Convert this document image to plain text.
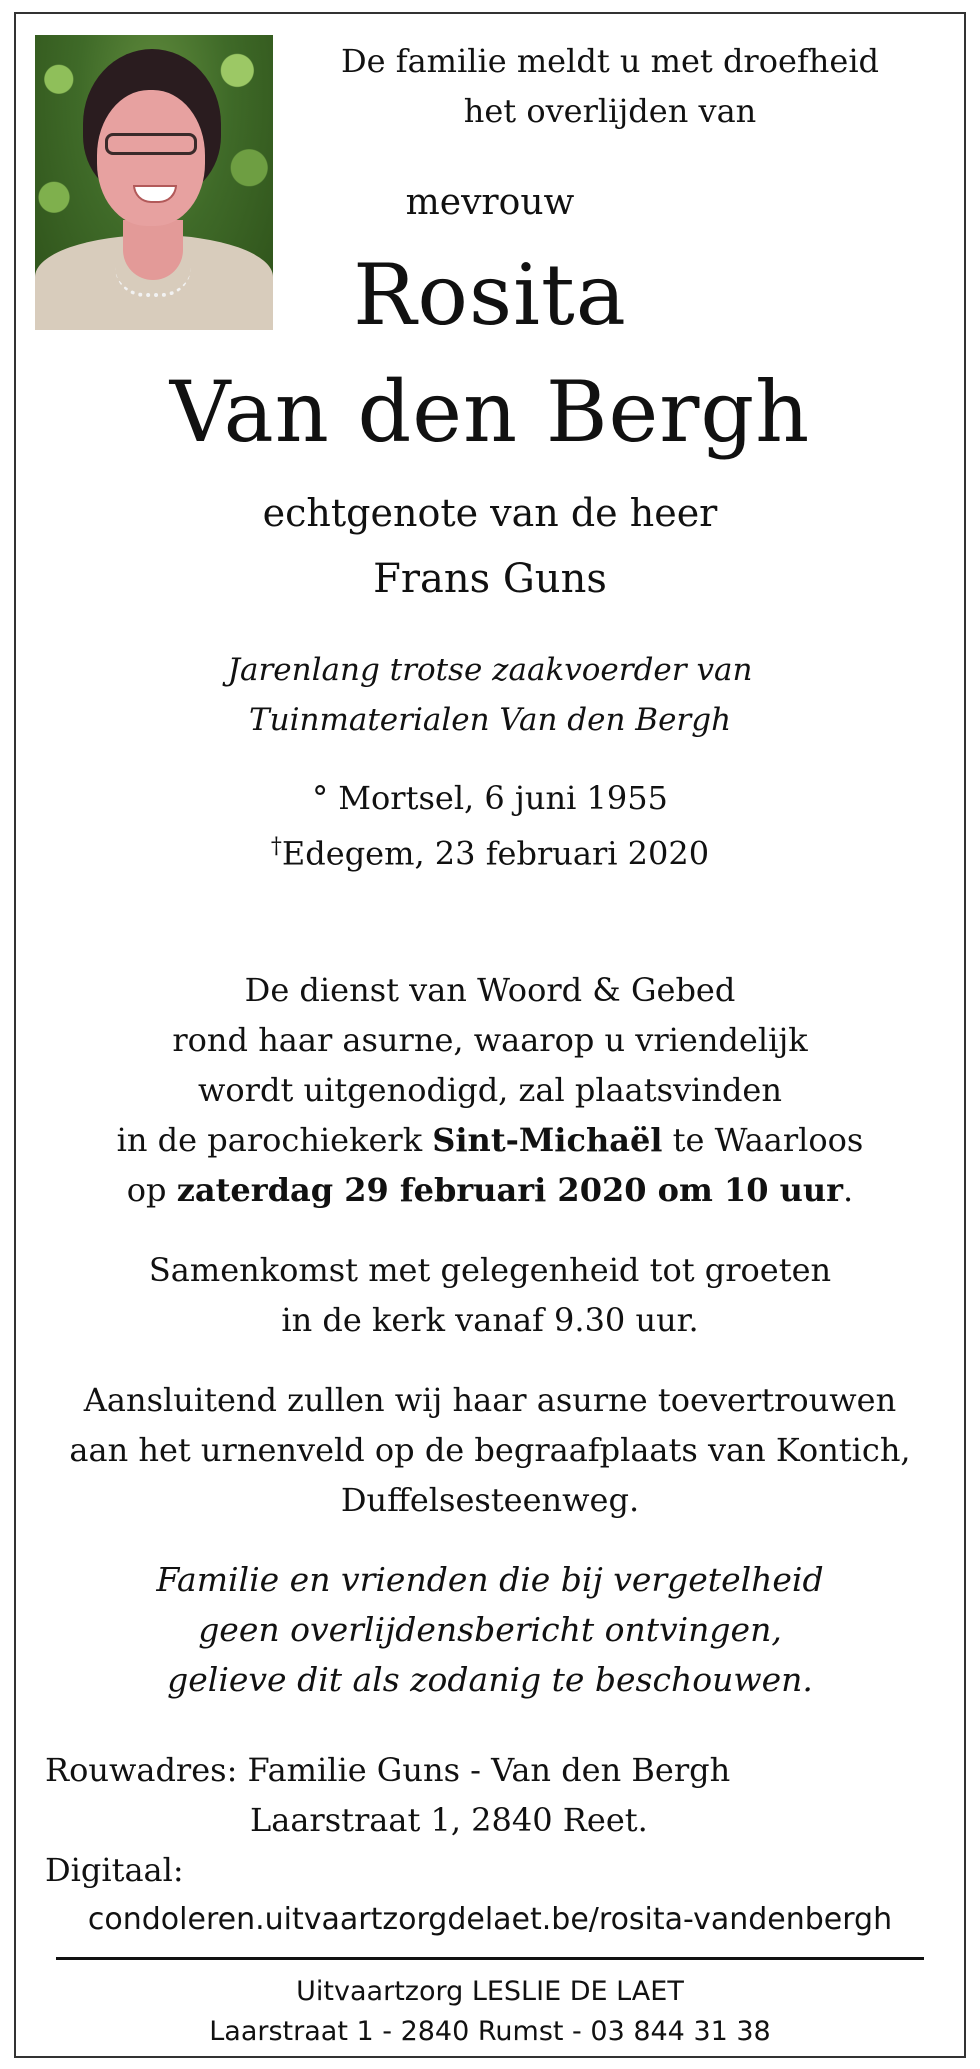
De familie meldt u met droefheid

het overlijden van

mevrouw

Rosita

Van den Bergh

echtgenote van de heer

Frans Guns

Jarenlang trotse zaakvoerder van

Tuinmaterialen Van den Bergh

° Mortsel, 6 juni 1955

†Edegem, 23 februari 2020

De dienst van Woord & Gebed

rond haar asurne, waarop u vriendelijk

wordt uitgenodigd, zal plaatsvinden

in de parochiekerk Sint-Michaël te Waarloos

op zaterdag 29 februari 2020 om 10 uur.

Samenkomst met gelegenheid tot groeten

in de kerk vanaf 9.30 uur.

Aansluitend zullen wij haar asurne toevertrouwen

aan het urnenveld op de begraafplaats van Kontich,

Duffelsesteenweg.

Familie en vrienden die bij vergetelheid

geen overlijdensbericht ontvingen,

gelieve dit als zodanig te beschouwen.

Rouwadres: Familie Guns - Van den Bergh

Laarstraat 1, 2840 Reet.

Digitaal:

condoleren.uitvaartzorgdelaet.be/rosita-vandenbergh

Uitvaartzorg LESLIE DE LAET

Laarstraat 1 - 2840 Rumst - 03 844 31 38
